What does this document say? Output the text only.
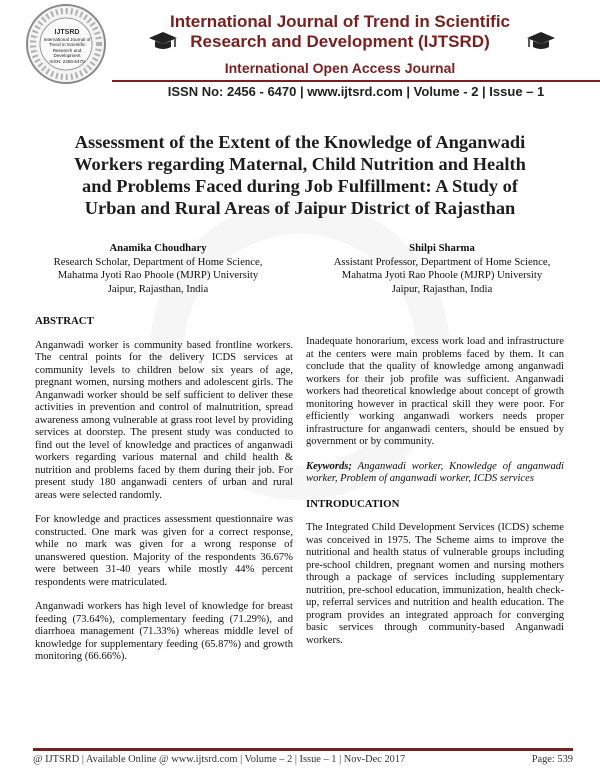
IJTSRD
International Journal of Trend in Scientific Research and Development
ISSN: 2456-6470
International Journal of Trend in Scientific
Research and Development (IJTSRD)
International Open Access Journal
ISSN No: 2456 - 6470 | www.ijtsrd.com | Volume - 2 | Issue – 1
Assessment of the Extent of the Knowledge of Anganwadi
Workers regarding Maternal, Child Nutrition and Health
and Problems Faced during Job Fulfillment: A Study of
Urban and Rural Areas of Jaipur District of Rajasthan
Anamika Choudhary
Research Scholar, Department of Home Science,
Mahatma Jyoti Rao Phoole (MJRP) University
Jaipur, Rajasthan, India
Shilpi Sharma
Assistant Professor, Department of Home Science,
Mahatma Jyoti Rao Phoole (MJRP) University
Jaipur, Rajasthan, India
ABSTRACT

Anganwadi worker is community based frontline workers. The central points for the delivery ICDS services at community levels to children below six years of age, pregnant women, nursing mothers and adolescent girls. The Anganwadi worker should be self sufficient to deliver these activities in prevention and control of malnutrition, spread awareness among vulnerable at grass root level by providing services at doorstep. The present study was conducted to find out the level of knowledge and practices of anganwadi workers regarding various maternal and child health & nutrition and problems faced by them during their job. For present study 180 anganwadi centers of urban and rural areas were selected randomly.

For knowledge and practices assessment questionnaire was constructed. One mark was given for a correct response, while no mark was given for a wrong response of unanswered question. Majority of the respondents 36.67% were between 31-40 years while mostly 44% percent respondents were matriculated.

Anganwadi workers has high level of knowledge for breast feeding (73.64%), complementary feeding (71.29%), and diarrhoea management (71.33%) whereas middle level of knowledge for supplementary feeding (65.87%) and growth monitoring (66.66%).

Inadequate honorarium, excess work load and infrastructure at the centers were main problems faced by them. It can conclude that the quality of knowledge among anganwadi workers for their job profile was sufficient. Anganwadi workers had theoretical knowledge about concept of growth monitoring however in practical skill they were poor. For efficiently working anganwadi workers needs proper infrastructure for anganwadi centers, should be ensued by government or by community.

Keywords; Anganwadi worker, Knowledge of anganwadi worker, Problem of anganwadi worker, ICDS services

INTRODUCATION

The Integrated Child Development Services (ICDS) scheme was conceived in 1975. The Scheme aims to improve the nutritional and health status of vulnerable groups including pre-school children, pregnant women and nursing mothers through a package of services including supplementary nutrition, pre-school education, immunization, health check-up, referral services and nutrition and health education. The program provides an integrated approach for converging basic services through community-based Anganwadi workers.

@ IJTSRD | Available Online @ www.ijtsrd.com | Volume – 2 | Issue – 1 | Nov-Dec 2017	Page: 539
